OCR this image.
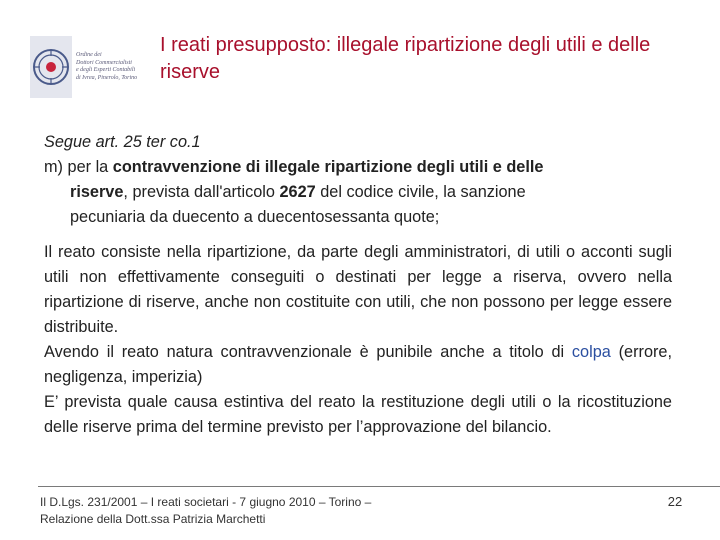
Ordine dei
Dottori Commercialisti
e degli Esperti Contabili
di Ivrea, Pinerolo, Torino
I reati presupposto: illegale ripartizione degli utili e delle riserve

Segue art. 25 ter co.1

m) per la contravvenzione di illegale ripartizione degli utili e delle
riserve, prevista dall'articolo 2627 del codice civile, la sanzione
pecuniaria da duecento a duecentosessanta quote;

Il reato consiste nella ripartizione, da parte degli amministratori, di utili o acconti sugli utili non effettivamente conseguiti o destinati per legge a riserva, ovvero nella ripartizione di riserve, anche non costituite con utili, che non possono per legge essere distribuite.

Avendo il reato natura contravvenzionale è punibile anche a titolo di colpa (errore, negligenza, imperizia)

E’ prevista quale causa estintiva del reato la restituzione degli utili o la ricostituzione delle riserve prima del termine previsto per l’approvazione del bilancio.

Il D.Lgs. 231/2001 – I reati societari - 7 giugno 2010 – Torino –
Relazione della Dott.ssa Patrizia Marchetti
22
